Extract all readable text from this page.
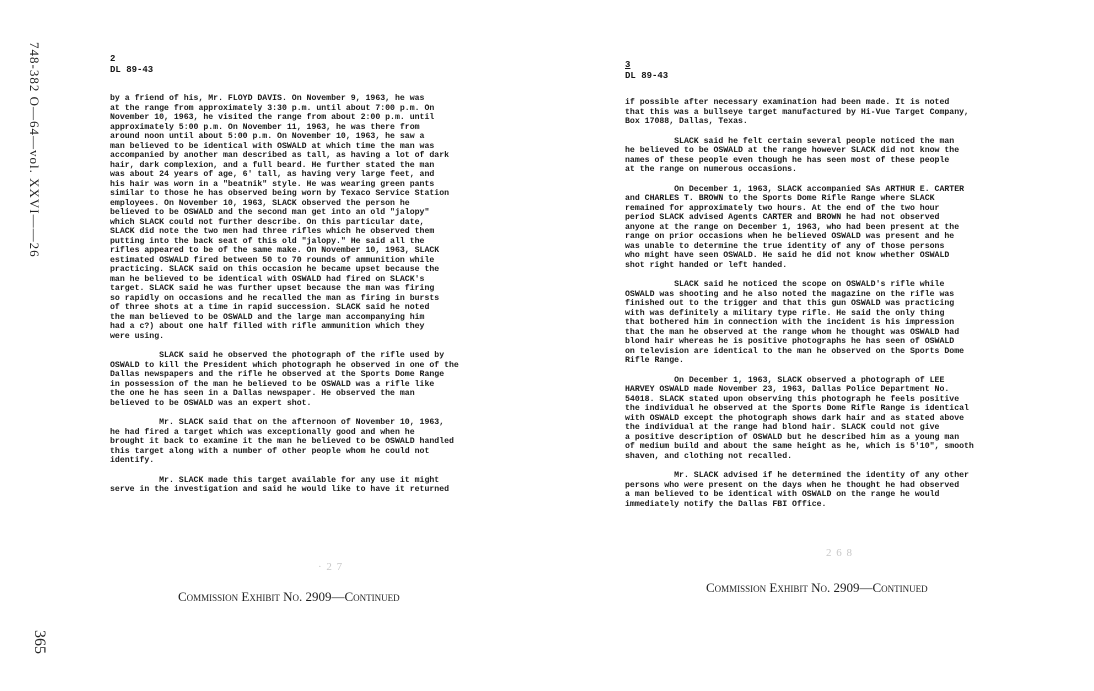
748-382 O—64—vol. XXVI——26
365
2
DL 89-43

by a friend of his, Mr. FLOYD DAVIS. On November 9, 1963, he was
at the range from approximately 3:30 p.m. until about 7:00 p.m. On
November 10, 1963, he visited the range from about 2:00 p.m. until
approximately 5:00 p.m. On November 11, 1963, he was there from
around noon until about 5:00 p.m. On November 10, 1963, he saw a
man believed to be identical with OSWALD at which time the man was
accompanied by another man described as tall, as having a lot of dark
hair, dark complexion, and a full beard. He further stated the man
was about 24 years of age, 6' tall, as having very large feet, and
his hair was worn in a "beatnik" style. He was wearing green pants
similar to those he has observed being worn by Texaco Service Station
employees. On November 10, 1963, SLACK observed the person he
believed to be OSWALD and the second man get into an old "jalopy"
which SLACK could not further describe. On this particular date,
SLACK did note the two men had three rifles which he observed them
putting into the back seat of this old "jalopy." He said all the
rifles appeared to be of the same make. On November 10, 1963, SLACK
estimated OSWALD fired between 50 to 70 rounds of ammunition while
practicing. SLACK said on this occasion he became upset because the
man he believed to be identical with OSWALD had fired on SLACK's
target. SLACK said he was further upset because the man was firing
so rapidly on occasions and he recalled the man as firing in bursts
of three shots at a time in rapid succession. SLACK said he noted
the man believed to be OSWALD and the large man accompanying him
had a c?) about one half filled with rifle ammunition which they
were using.

SLACK said he observed the photograph of the rifle used by
OSWALD to kill the President which photograph he observed in one of the
Dallas newspapers and the rifle he observed at the Sports Dome Range
in possession of the man he believed to be OSWALD was a rifle like
the one he has seen in a Dallas newspaper. He observed the man
believed to be OSWALD was an expert shot.

Mr. SLACK said that on the afternoon of November 10, 1963,
he had fired a target which was exceptionally good and when he
brought it back to examine it the man he believed to be OSWALD handled
this target along with a number of other people whom he could not
identify.

Mr. SLACK made this target available for any use it might
serve in the investigation and said he would like to have it returned

3
DL 89-43

if possible after necessary examination had been made. It is noted
that this was a bullseye target manufactured by Hi-Vue Target Company,
Box 17088, Dallas, Texas.

SLACK said he felt certain several people noticed the man
he believed to be OSWALD at the range however SLACK did not know the
names of these people even though he has seen most of these people
at the range on numerous occasions.

On December 1, 1963, SLACK accompanied SAs ARTHUR E. CARTER
and CHARLES T. BROWN to the Sports Dome Rifle Range where SLACK
remained for approximately two hours. At the end of the two hour
period SLACK advised Agents CARTER and BROWN he had not observed
anyone at the range on December 1, 1963, who had been present at the
range on prior occasions when he believed OSWALD was present and he
was unable to determine the true identity of any of those persons
who might have seen OSWALD. He said he did not know whether OSWALD
shot right handed or left handed.

SLACK said he noticed the scope on OSWALD's rifle while
OSWALD was shooting and he also noted the magazine on the rifle was
finished out to the trigger and that this gun OSWALD was practicing
with was definitely a military type rifle. He said the only thing
that bothered him in connection with the incident is his impression
that the man he observed at the range whom he thought was OSWALD had
blond hair whereas he is positive photographs he has seen of OSWALD
on television are identical to the man he observed on the Sports Dome
Rifle Range.

On December 1, 1963, SLACK observed a photograph of LEE
HARVEY OSWALD made November 23, 1963, Dallas Police Department No.
54018. SLACK stated upon observing this photograph he feels positive
the individual he observed at the Sports Dome Rifle Range is identical
with OSWALD except the photograph shows dark hair and as stated above
the individual at the range had blond hair. SLACK could not give
a positive description of OSWALD but he described him as a young man
of medium build and about the same height as he, which is 5'10", smooth
shaven, and clothing not recalled.

Mr. SLACK advised if he determined the identity of any other
persons who were present on the days when he thought he had observed
a man believed to be identical with OSWALD on the range he would
immediately notify the Dallas FBI Office.

· 2 7
2 6 8
Commission Exhibit No. 2909—Continued
Commission Exhibit No. 2909—Continued
